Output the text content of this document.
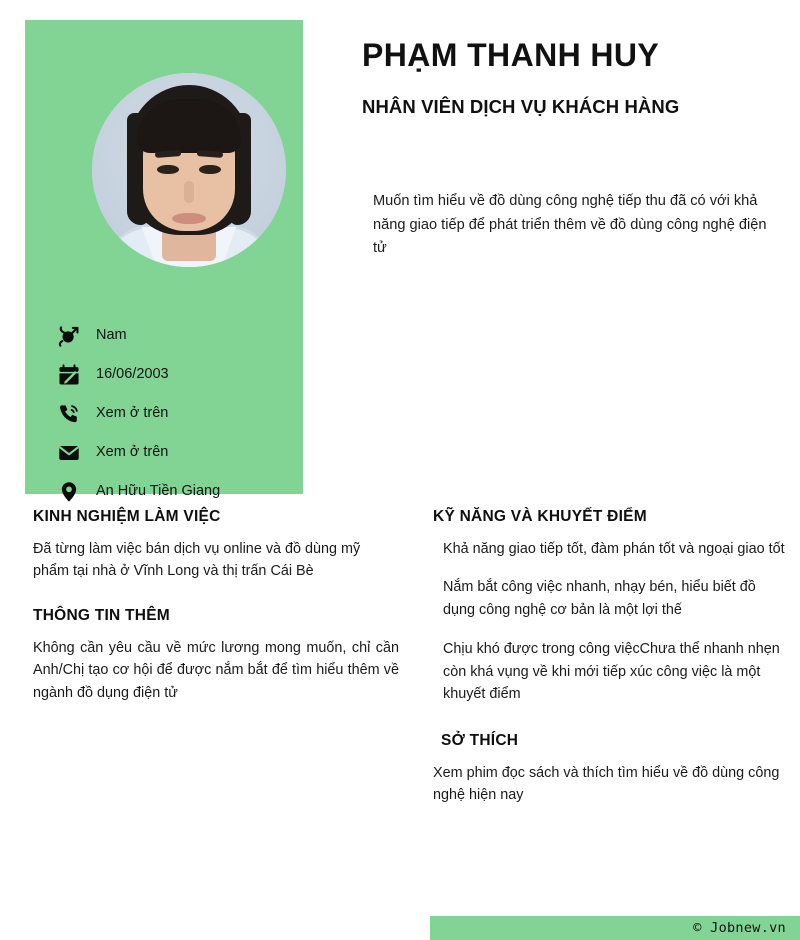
Nam
16/06/2003
Xem ở trên
Xem ở trên
An Hữu Tiền Giang
PHẠM THANH HUY
NHÂN VIÊN DỊCH VỤ KHÁCH HÀNG
Muốn tìm hiểu về đồ dùng công nghệ tiếp thu đã có với khả năng giao tiếp để phát triển thêm về đồ dùng công nghệ điện tử
KINH NGHIỆM LÀM VIỆC

Đã từng làm việc bán dịch vụ online và đồ dùng mỹ phẩm tại nhà ở Vĩnh Long và thị trấn Cái Bè

THÔNG TIN THÊM

Không cần yêu cầu về mức lương mong muốn, chỉ cần Anh/Chị tạo cơ hội để được nắm bắt để tìm hiểu thêm về ngành đồ dụng điện tử

KỸ NĂNG VÀ KHUYẾT ĐIỂM

Khả năng giao tiếp tốt, đàm phán tốt và ngoại giao tốt

Nắm bắt công việc nhanh, nhạy bén, hiểu biết đồ dụng công nghệ cơ bản là một lợi thế

Chịu khó được trong công việcChưa thể nhanh nhẹn còn khá vụng về khi mới tiếp xúc công việc là một khuyết điểm

SỞ THÍCH

Xem phim đọc sách và thích tìm hiểu về đồ dùng công nghệ hiện nay

© Jobnew.vn
